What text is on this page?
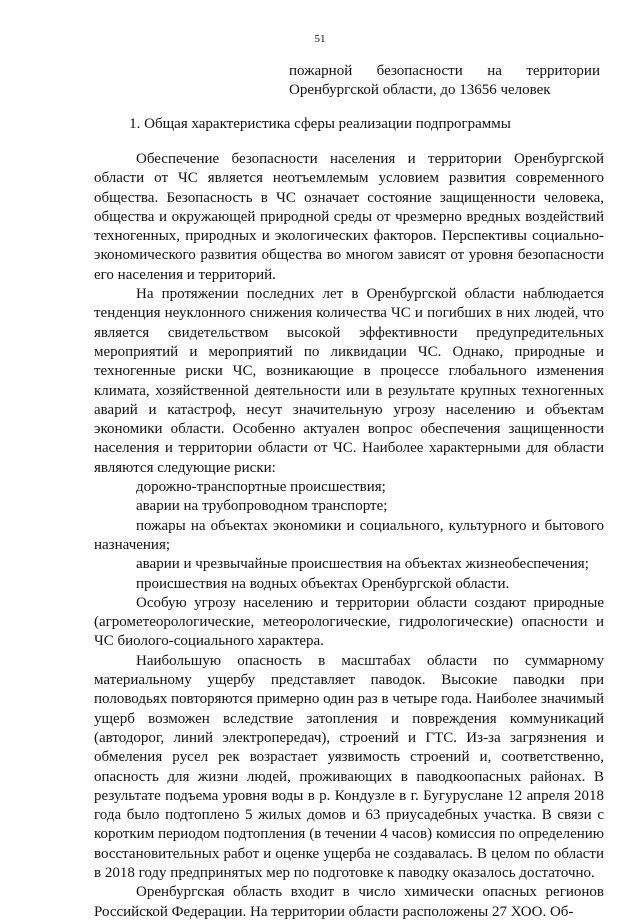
51
пожарной безопасности на территории Оренбургской области, до 13656 человек
1. Общая характеристика сферы реализации подпрограммы

Обеспечение безопасности населения и территории Оренбургской области от ЧС является неотъемлемым условием развития современного общества. Безопасность в ЧС означает состояние защищенности человека, общества и окружающей природной среды от чрезмерно вредных воздействий техногенных, природных и экологических факторов. Перспективы социально-экономического развития общества во многом зависят от уровня безопасности его населения и территорий.

На протяжении последних лет в Оренбургской области наблюдается тенденция неуклонного снижения количества ЧС и погибших в них людей, что является свидетельством высокой эффективности предупредительных мероприятий и мероприятий по ликвидации ЧС. Однако, природные и техногенные риски ЧС, возникающие в процессе глобального изменения климата, хозяйственной деятельности или в результате крупных техногенных аварий и катастроф, несут значительную угрозу населению и объектам экономики области. Особенно актуален вопрос обеспечения защищенности населения и территории области от ЧС. Наиболее характерными для области являются следующие риски:

дорожно-транспортные происшествия;

аварии на трубопроводном транспорте;

пожары на объектах экономики и социального, культурного и бытового назначения;

аварии и чрезвычайные происшествия на объектах жизнеобеспечения;

происшествия на водных объектах Оренбургской области.

Особую угрозу населению и территории области создают природные (агрометеорологические, метеорологические, гидрологические) опасности и ЧС биолого-социального характера.

Наибольшую опасность в масштабах области по суммарному материальному ущербу представляет паводок. Высокие паводки при половодьях повторяются примерно один раз в четыре года. Наиболее значимый ущерб возможен вследствие затопления и повреждения коммуникаций (автодорог, линий электропередач), строений и ГТС. Из-за загрязнения и обмеления русел рек возрастает уязвимость строений и, соответственно, опасность для жизни людей, проживающих в паводкоопасных районах. В результате подъема уровня воды в р. Кондузле в г. Бугуруслане 12 апреля 2018 года было подтоплено 5 жилых домов и 63 приусадебных участка. В связи с коротким периодом подтопления (в течении 4 часов) комиссия по определению восстановительных работ и оценке ущерба не создавалась. В целом по области в 2018 году предпринятых мер по подготовке к паводку оказалось достаточно.

Оренбургская область входит в число химически опасных регионов Российской Федерации. На территории области расположены 27 ХОО. Об-
